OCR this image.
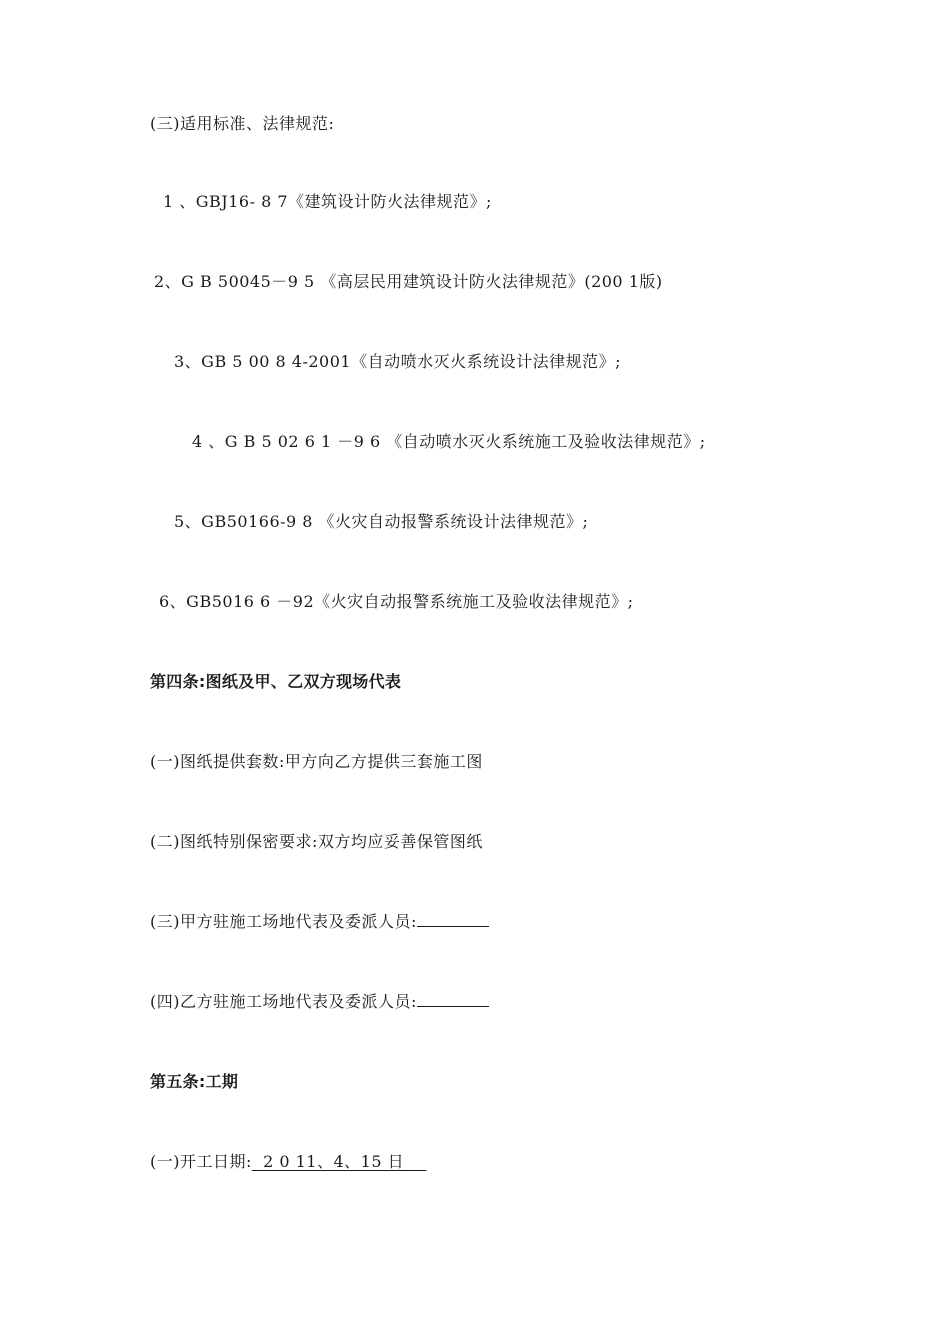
(三)适用标准、法律规范:
1 、GBJ16- 8 7《建筑设计防火法律规范》;
2、G B 50045－9 5 《高层民用建筑设计防火法律规范》(200 1版)
3、GB 5 00 8 4-2001《自动喷水灭火系统设计法律规范》;
4 、G B 5 02 6 1 －9 6 《自动喷水灭火系统施工及验收法律规范》;
5、GB50166-9 8 《火灾自动报警系统设计法律规范》;
6、GB5016 6 －92《火灾自动报警系统施工及验收法律规范》;
第四条:图纸及甲、乙双方现场代表
(一)图纸提供套数:甲方向乙方提供三套施工图
(二)图纸特别保密要求:双方均应妥善保管图纸
(三)甲方驻施工场地代表及委派人员:
(四)乙方驻施工场地代表及委派人员:
第五条:工期
(一)开工日期:  2 0 11、4、15 日
